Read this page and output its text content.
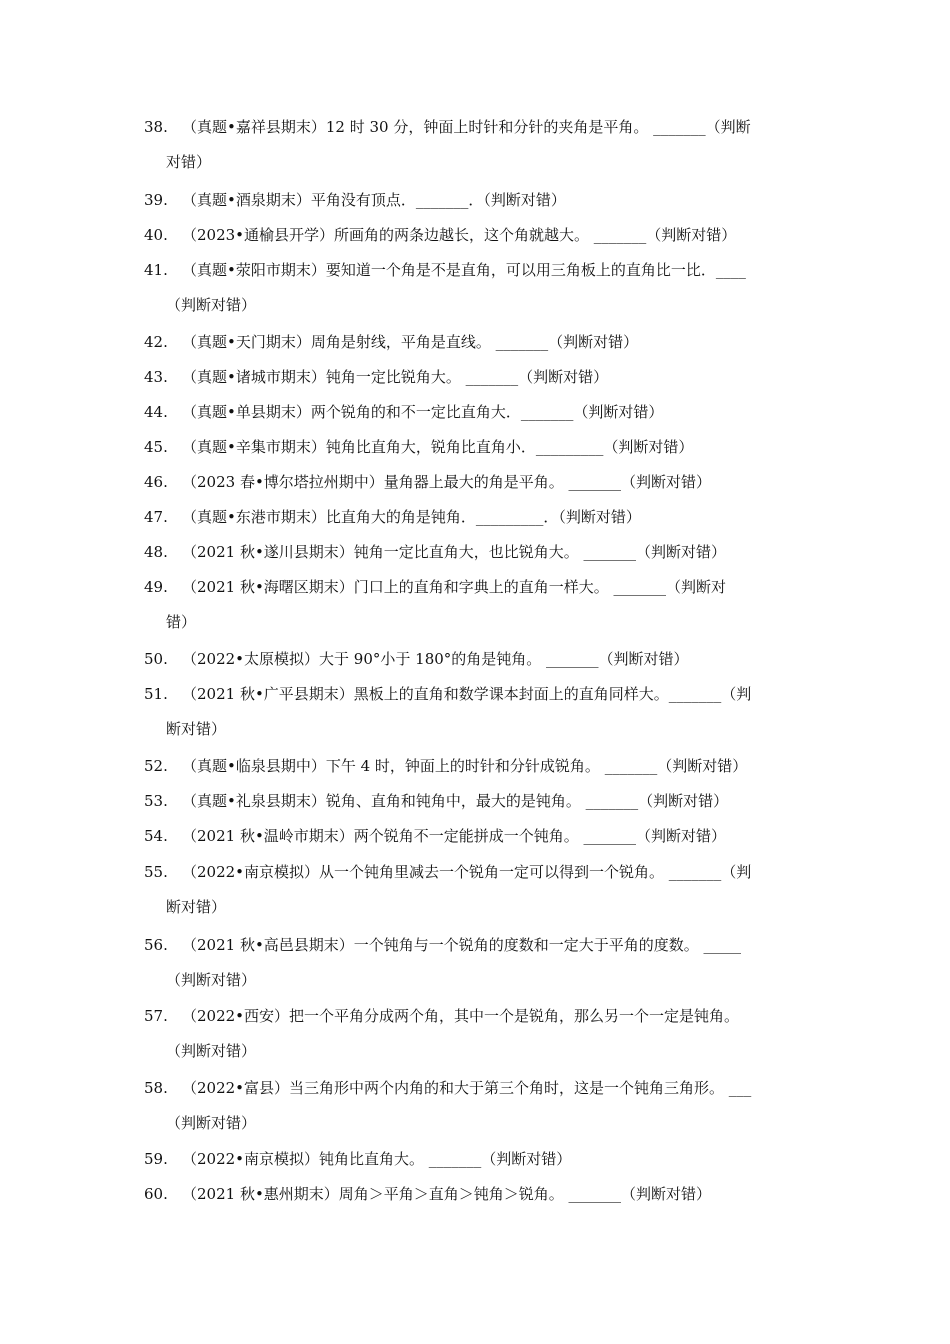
38. （真题•嘉祥县期末）12 时 30 分，钟面上时针和分针的夹角是平角。 _______（判断
对错）
39. （真题•酒泉期末）平角没有顶点．_______．（判断对错）
40. （2023•通榆县开学）所画角的两条边越长，这个角就越大。 _______（判断对错）
41. （真题•荥阳市期末）要知道一个角是不是直角，可以用三角板上的直角比一比．____
（判断对错）
42. （真题•天门期末）周角是射线，平角是直线。 _______（判断对错）
43. （真题•诸城市期末）钝角一定比锐角大。 _______（判断对错）
44. （真题•单县期末）两个锐角的和不一定比直角大．_______（判断对错）
45. （真题•辛集市期末）钝角比直角大，锐角比直角小．_________（判断对错）
46. （2023 春•博尔塔拉州期中）量角器上最大的角是平角。 _______（判断对错）
47. （真题•东港市期末）比直角大的角是钝角．_________．（判断对错）
48. （2021 秋•遂川县期末）钝角一定比直角大，也比锐角大。 _______（判断对错）
49. （2021 秋•海曙区期末）门口上的直角和字典上的直角一样大。 _______（判断对
错）
50. （2022•太原模拟）大于 90°小于 180°的角是钝角。 _______（判断对错）
51. （2021 秋•广平县期末）黑板上的直角和数学课本封面上的直角同样大。_______（判
断对错）
52. （真题•临泉县期中）下午 4 时，钟面上的时针和分针成锐角。 _______（判断对错）
53. （真题•礼泉县期末）锐角、直角和钝角中，最大的是钝角。 _______（判断对错）
54. （2021 秋•温岭市期末）两个锐角不一定能拼成一个钝角。 _______（判断对错）
55. （2022•南京模拟）从一个钝角里减去一个锐角一定可以得到一个锐角。 _______（判
断对错）
56. （2021 秋•高邑县期末）一个钝角与一个锐角的度数和一定大于平角的度数。 _____
（判断对错）
57. （2022•西安）把一个平角分成两个角，其中一个是锐角，那么另一个一定是钝角。
（判断对错）
58. （2022•富县）当三角形中两个内角的和大于第三个角时，这是一个钝角三角形。 ___
（判断对错）
59. （2022•南京模拟）钝角比直角大。 _______（判断对错）
60. （2021 秋•惠州期末）周角＞平角＞直角＞钝角＞锐角。 _______（判断对错）
